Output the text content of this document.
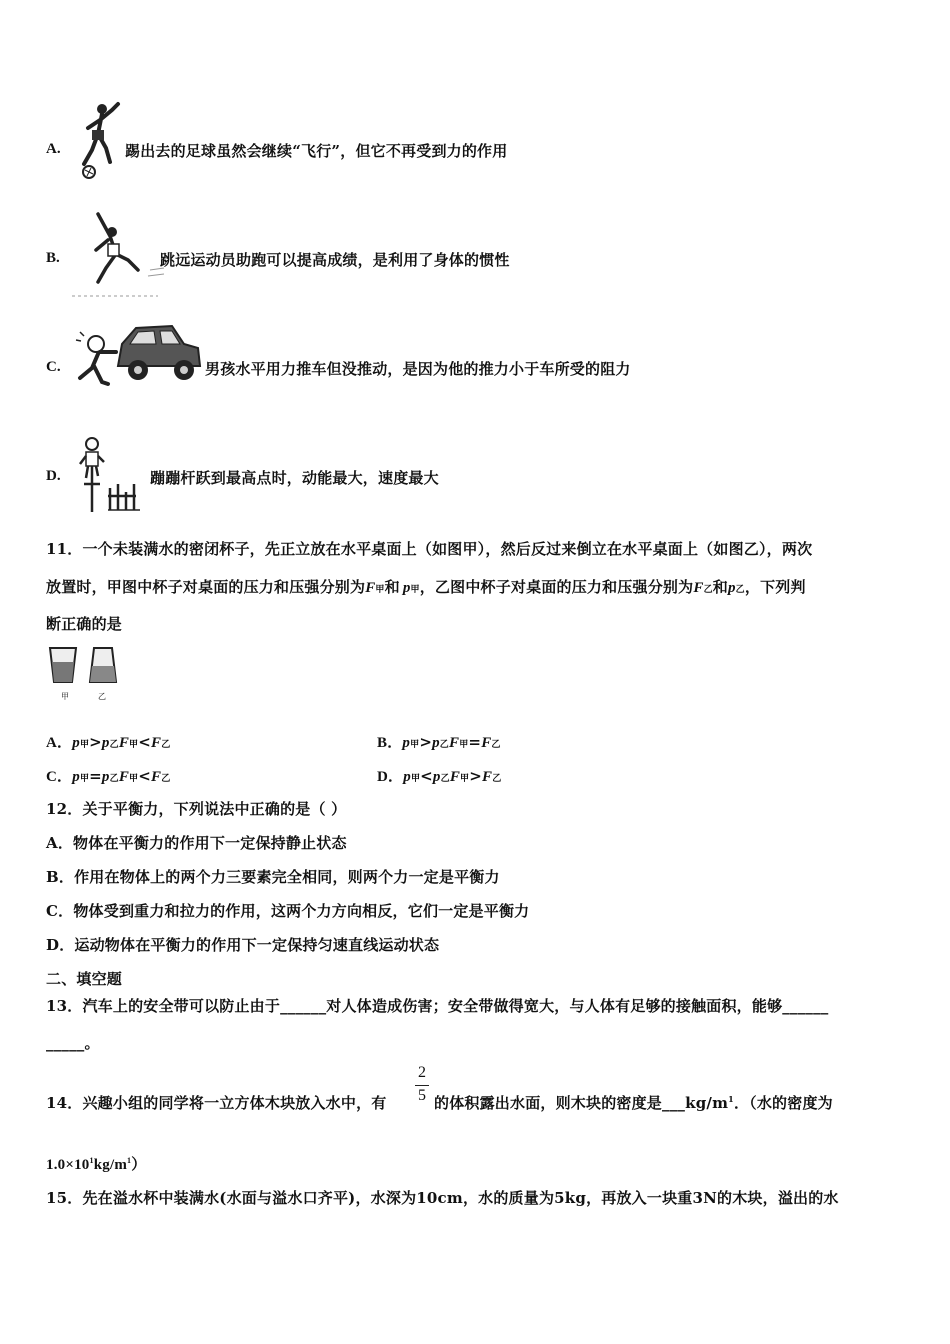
A.	踢出去的足球虽然会继续“飞行”，但它不再受到力的作用
B.	跳远运动员助跑可以提高成绩，是利用了身体的惯性
C.	男孩水平用力推车但没推动，是因为他的推力小于车所受的阻力
D.	蹦蹦杆跃到最高点时，动能最大，速度最大
11．一个未装满水的密闭杯子，先正立放在水平桌面上（如图甲），然后反过来倒立在水平桌面上（如图乙），两次
放置时，甲图中杯子对桌面的压力和压强分别为F甲和 p甲，乙图中杯子对桌面的压力和压强分别为F乙和p乙，下列判
断正确的是
甲	乙
A．p甲>p乙F甲<F乙	B．p甲>p乙F甲=F乙
C．p甲=p乙F甲<F乙	D．p甲<p乙F甲>F乙
12．关于平衡力，下列说法中正确的是（ ）
A．物体在平衡力的作用下一定保持静止状态
B．作用在物体上的两个力三要素完全相同，则两个力一定是平衡力
C．物体受到重力和拉力的作用，这两个力方向相反，它们一定是平衡力
D．运动物体在平衡力的作用下一定保持匀速直线运动状态
二、填空题
13．汽车上的安全带可以防止由于______对人体造成伤害；安全带做得宽大，与人体有足够的接触面积，能够______
_____。
2
5
14．兴趣小组的同学将一立方体木块放入水中，有	的体积露出水面，则木块的密度是$\_\_\_kg/m^1$．（水的密度为
$1.0\times 10^1kg/m^1$）
15．先在溢水杯中装满水(水面与溢水口齐平)，水深为10cm，水的质量为5kg，再放入一块重3N的木块，溢出的水
